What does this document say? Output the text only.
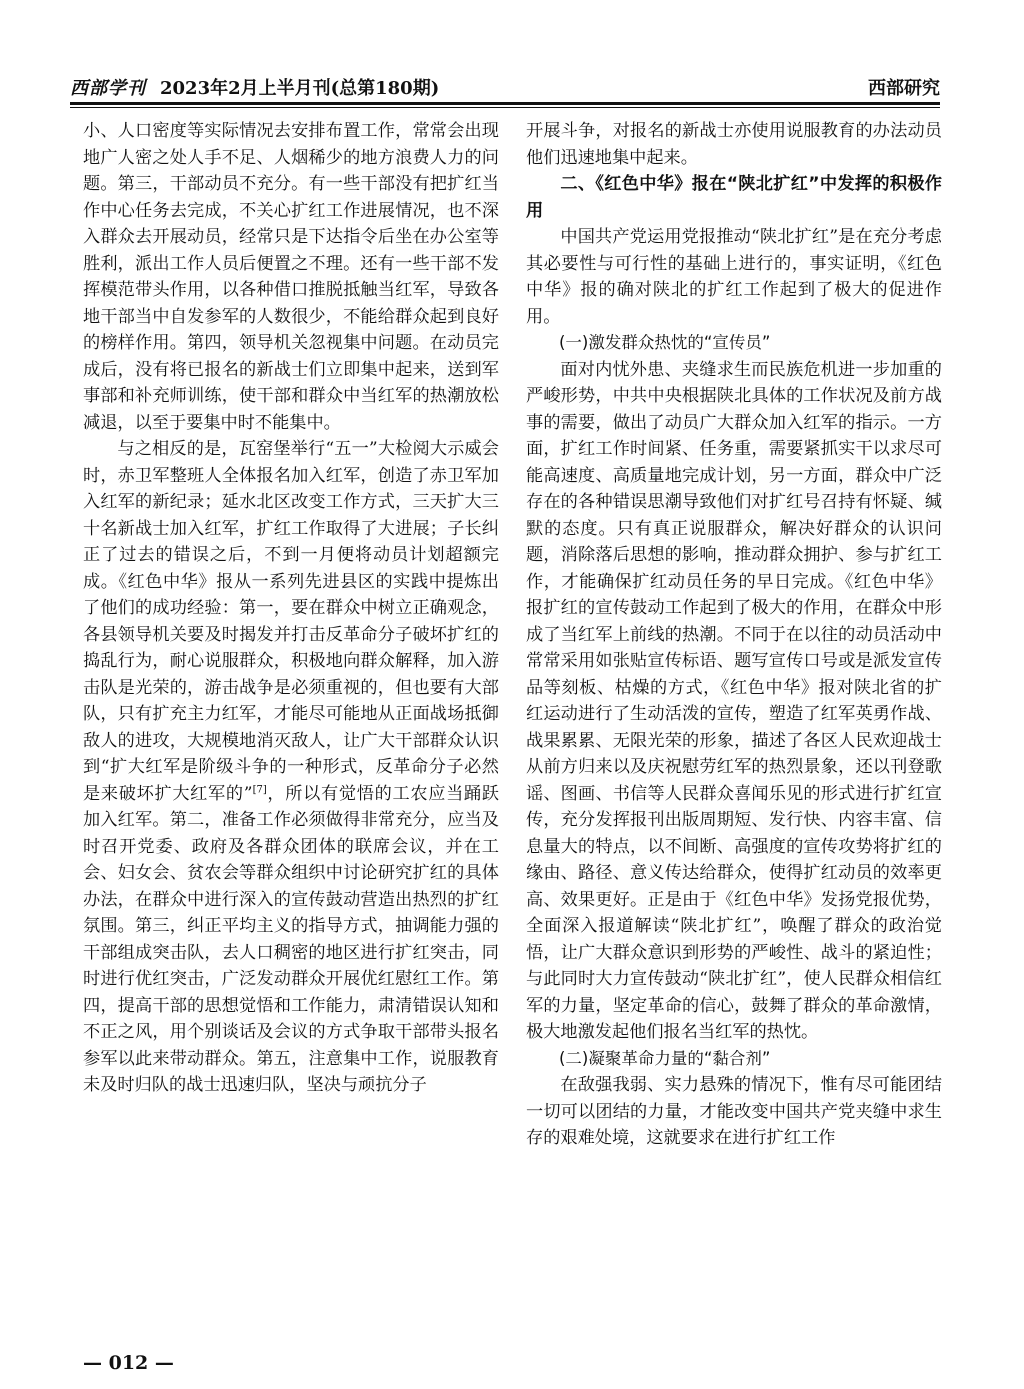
西部学刊 2023年2月上半月刊(总第180期)	西部研究

小、人口密度等实际情况去安排布置工作，常常会出现地广人密之处人手不足、人烟稀少的地方浪费人力的问题。第三，干部动员不充分。有一些干部没有把扩红当作中心任务去完成，不关心扩红工作进展情况，也不深入群众去开展动员，经常只是下达指令后坐在办公室等胜利，派出工作人员后便置之不理。还有一些干部不发挥模范带头作用，以各种借口推脱抵触当红军，导致各地干部当中自发参军的人数很少，不能给群众起到良好的榜样作用。第四，领导机关忽视集中问题。在动员完成后，没有将已报名的新战士们立即集中起来，送到军事部和补充师训练，使干部和群众中当红军的热潮放松减退，以至于要集中时不能集中。

与之相反的是，瓦窑堡举行“五一”大检阅大示威会时，赤卫军整班人全体报名加入红军，创造了赤卫军加入红军的新纪录；延水北区改变工作方式，三天扩大三十名新战士加入红军，扩红工作取得了大进展；子长纠正了过去的错误之后，不到一月便将动员计划超额完成。《红色中华》报从一系列先进县区的实践中提炼出了他们的成功经验：第一，要在群众中树立正确观念，各县领导机关要及时揭发并打击反革命分子破坏扩红的捣乱行为，耐心说服群众，积极地向群众解释，加入游击队是光荣的，游击战争是必须重视的，但也要有大部队，只有扩充主力红军，才能尽可能地从正面战场抵御敌人的进攻，大规模地消灭敌人，让广大干部群众认识到“扩大红军是阶级斗争的一种形式，反革命分子必然是来破坏扩大红军的”[7]，所以有觉悟的工农应当踊跃加入红军。第二，准备工作必须做得非常充分，应当及时召开党委、政府及各群众团体的联席会议，并在工会、妇女会、贫农会等群众组织中讨论研究扩红的具体办法，在群众中进行深入的宣传鼓动营造出热烈的扩红氛围。第三，纠正平均主义的指导方式，抽调能力强的干部组成突击队，去人口稠密的地区进行扩红突击，同时进行优红突击，广泛发动群众开展优红慰红工作。第四，提高干部的思想觉悟和工作能力，肃清错误认知和不正之风，用个别谈话及会议的方式争取干部带头报名参军以此来带动群众。第五，注意集中工作，说服教育未及时归队的战士迅速归队，坚决与顽抗分子

开展斗争，对报名的新战士亦使用说服教育的办法动员他们迅速地集中起来。

二、《红色中华》报在“陕北扩红”中发挥的积极作用

中国共产党运用党报推动“陕北扩红”是在充分考虑其必要性与可行性的基础上进行的，事实证明，《红色中华》报的确对陕北的扩红工作起到了极大的促进作用。

(一)激发群众热忱的“宣传员”

面对内忧外患、夹缝求生而民族危机进一步加重的严峻形势，中共中央根据陕北具体的工作状况及前方战事的需要，做出了动员广大群众加入红军的指示。一方面，扩红工作时间紧、任务重，需要紧抓实干以求尽可能高速度、高质量地完成计划，另一方面，群众中广泛存在的各种错误思潮导致他们对扩红号召持有怀疑、缄默的态度。只有真正说服群众，解决好群众的认识问题，消除落后思想的影响，推动群众拥护、参与扩红工作，才能确保扩红动员任务的早日完成。《红色中华》报扩红的宣传鼓动工作起到了极大的作用，在群众中形成了当红军上前线的热潮。不同于在以往的动员活动中常常采用如张贴宣传标语、题写宣传口号或是派发宣传品等刻板、枯燥的方式，《红色中华》报对陕北省的扩红运动进行了生动活泼的宣传，塑造了红军英勇作战、战果累累、无限光荣的形象，描述了各区人民欢迎战士从前方归来以及庆祝慰劳红军的热烈景象，还以刊登歌谣、图画、书信等人民群众喜闻乐见的形式进行扩红宣传，充分发挥报刊出版周期短、发行快、内容丰富、信息量大的特点，以不间断、高强度的宣传攻势将扩红的缘由、路径、意义传达给群众，使得扩红动员的效率更高、效果更好。正是由于《红色中华》发扬党报优势，全面深入报道解读“陕北扩红”，唤醒了群众的政治觉悟，让广大群众意识到形势的严峻性、战斗的紧迫性；与此同时大力宣传鼓动“陕北扩红”，使人民群众相信红军的力量，坚定革命的信心，鼓舞了群众的革命激情，极大地激发起他们报名当红军的热忱。

(二)凝聚革命力量的“黏合剂”

在敌强我弱、实力悬殊的情况下，惟有尽可能团结一切可以团结的力量，才能改变中国共产党夹缝中求生存的艰难处境，这就要求在进行扩红工作

— 012 —
